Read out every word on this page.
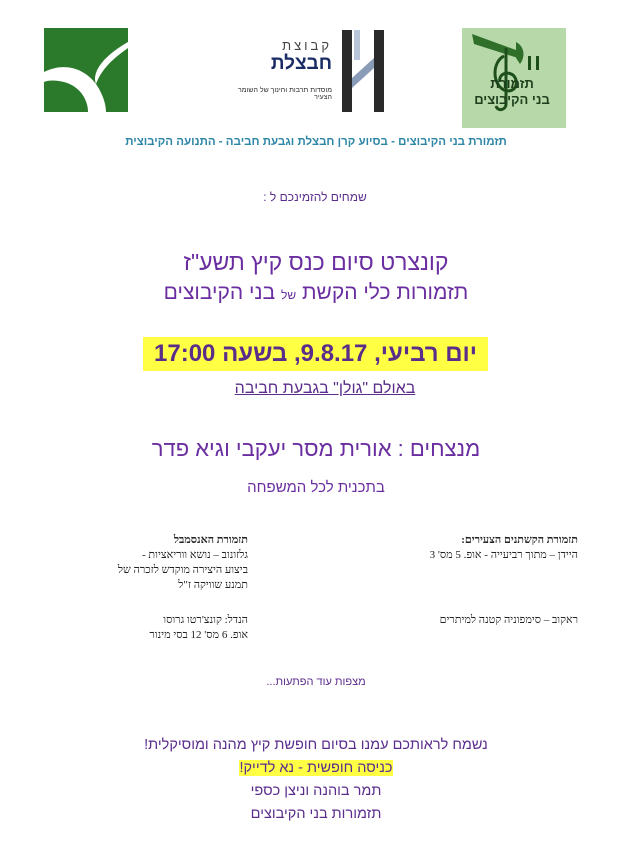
קבוצת
חבצלת
מוסדות תרבות וחינוך של השומר הצעיר
תזמורת
בני הקיבוצים
תזמורת בני הקיבוצים - בסיוע קרן חבצלת וגבעת חביבה - התנועה הקיבוצית
שמחים להזמינכם ל :
קונצרט סיום כנס קיץ תשע"ז
תזמורות כלי הקשת של בני הקיבוצים
יום רביעי, 9.8.17, בשעה 17:00
באולם "גולן" בגבעת חביבה
מנצחים : אורית מסר יעקבי וגיא פדר
בתכנית לכל המשפחה
תזמורת הקשתנים הצעירים:
היידן – מתוך רביעייה - אופ. 5 מס' 3
תזמורת האנסמבל
גלזונוב – נושא ווריאציות -
ביצוע היצירה מוקדש לזכרה של
תמנע שוויקה ז"ל
ראקוב – סימפוניה קטנה למיתרים
הנדל: קונצ'רטו גרוסו
אופ. 6 מס' 12 בסי מינור
מצפות עוד הפתעות...
נשמח לראותכם עמנו בסיום חופשת קיץ מהנה ומוסיקלית!
כניסה חופשית - נא לדייק!
תמר בוהנה וניצן כספי
תזמורות בני הקיבוצים
